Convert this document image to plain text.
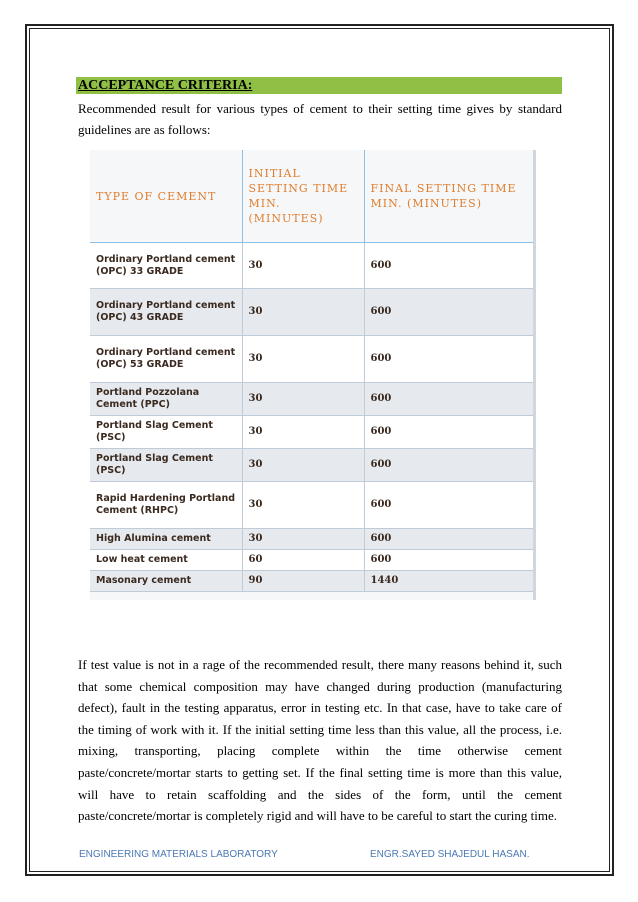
ACCEPTANCE CRITERIA:

Recommended result for various types of cement to their setting time gives by standard guidelines are as follows:

TYPE OF CEMENT	INITIAL SETTING TIME MIN. (MINUTES)	FINAL SETTING TIME MIN. (MINUTES)
Ordinary Portland cement (OPC) 33 GRADE	30	600
Ordinary Portland cement (OPC) 43 GRADE	30	600
Ordinary Portland cement (OPC) 53 GRADE	30	600
Portland Pozzolana Cement (PPC)	30	600
Portland Slag Cement (PSC)	30	600
Portland Slag Cement (PSC)	30	600
Rapid Hardening Portland Cement (RHPC)	30	600
High Alumina cement	30	600
Low heat cement	60	600
Masonary cement	90	1440

If test value is not in a rage of the recommended result, there many reasons behind it, such that some chemical composition may have changed during production (manufacturing defect), fault in the testing apparatus, error in testing etc. In that case, have to take care of the timing of work with it. If the initial setting time less than this value, all the process, i.e. mixing, transporting, placing complete within the time otherwise cement paste/concrete/mortar starts to getting set. If the final setting time is more than this value, will have to retain scaffolding and the sides of the form, until the cement paste/concrete/mortar is completely rigid and will have to be careful to start the curing time.

ENGINEERING MATERIALS LABORATORY	ENGR.SAYED SHAJEDUL HASAN.
